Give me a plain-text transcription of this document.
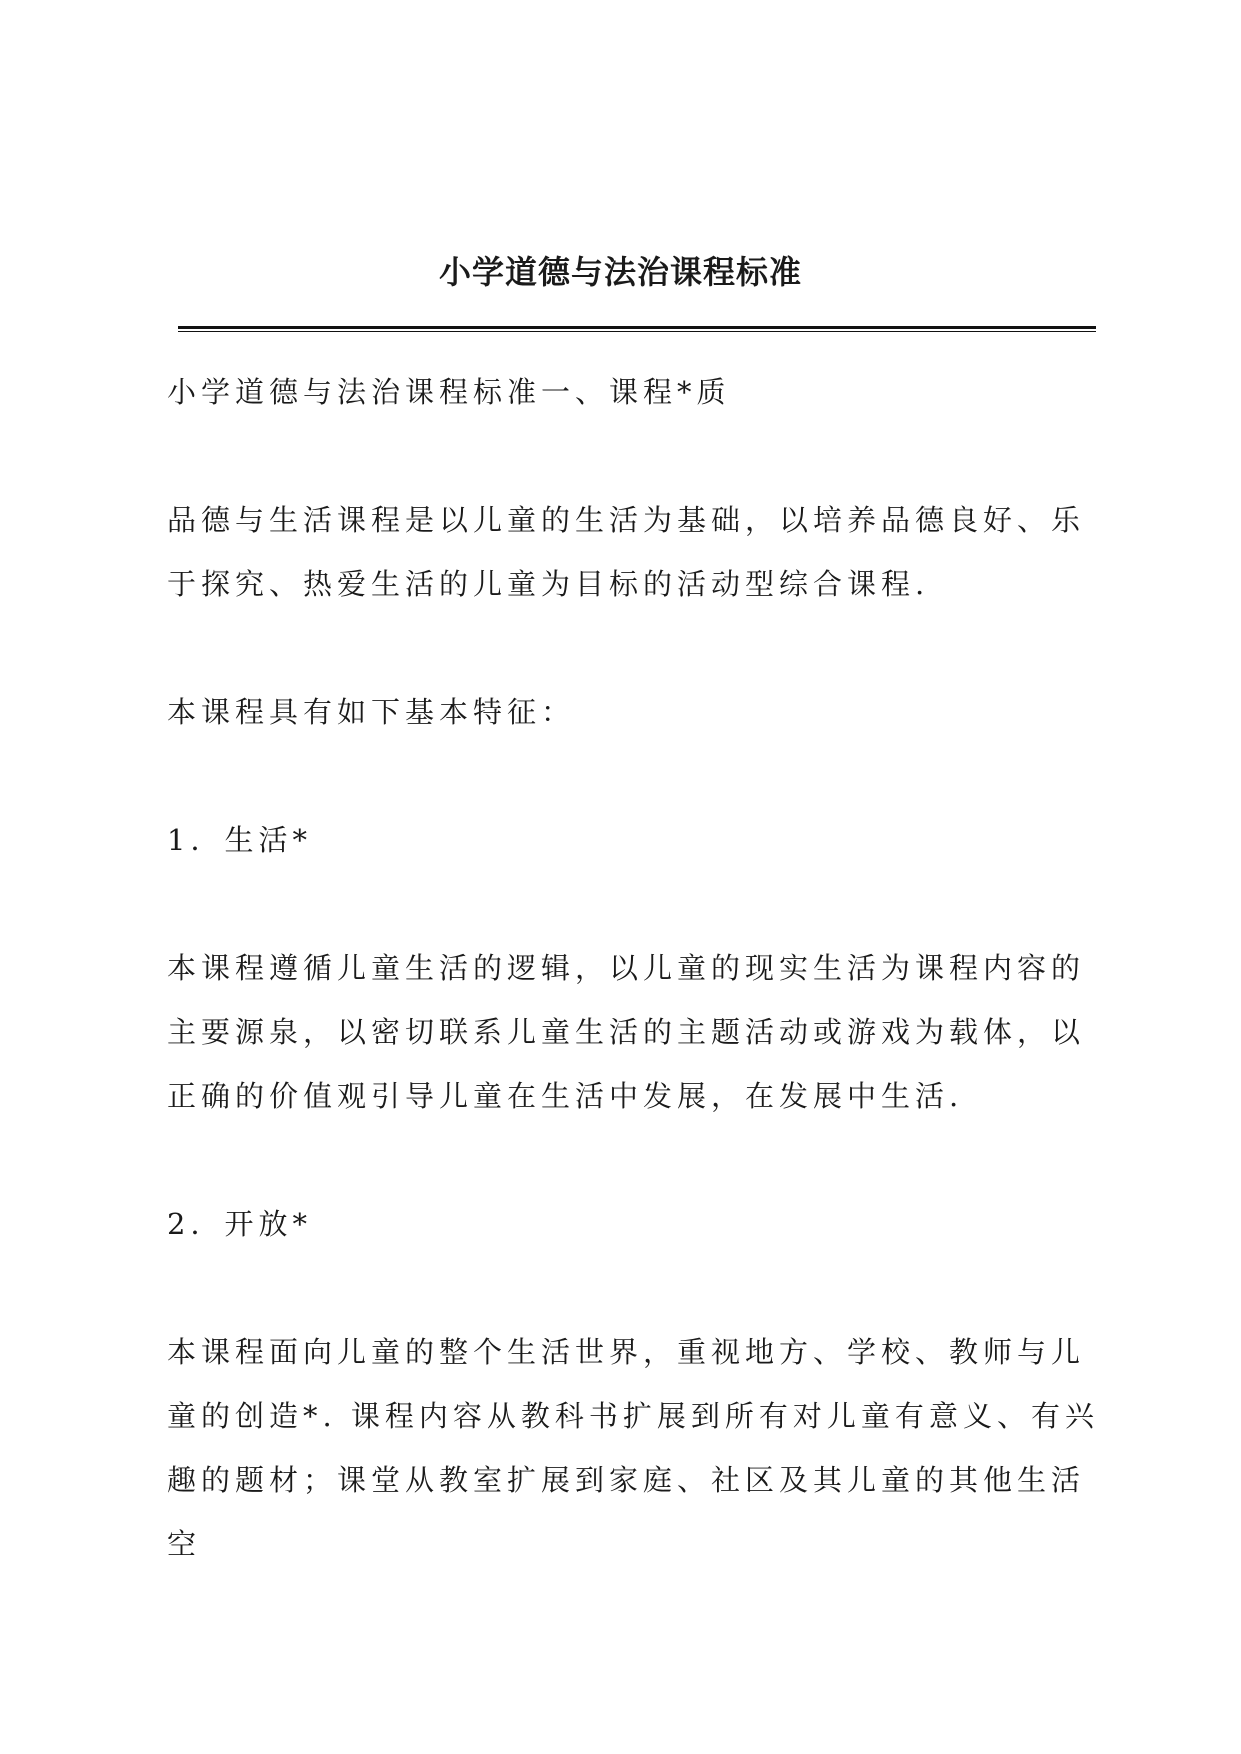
小学道德与法治课程标准

小学道德与法治课程标准一、课程*质

品德与生活课程是以儿童的生活为基础，以培养品德良好、乐于探究、热爱生活的儿童为目标的活动型综合课程.

本课程具有如下基本特征：

1．生活*

本课程遵循儿童生活的逻辑，以儿童的现实生活为课程内容的主要源泉，以密切联系儿童生活的主题活动或游戏为载体，以正确的价值观引导儿童在生活中发展，在发展中生活.

2．开放*

本课程面向儿童的整个生活世界，重视地方、学校、教师与儿童的创造*. 课程内容从教科书扩展到所有对儿童有意义、有兴趣的题材；课堂从教室扩展到家庭、社区及其儿童的其他生活空
